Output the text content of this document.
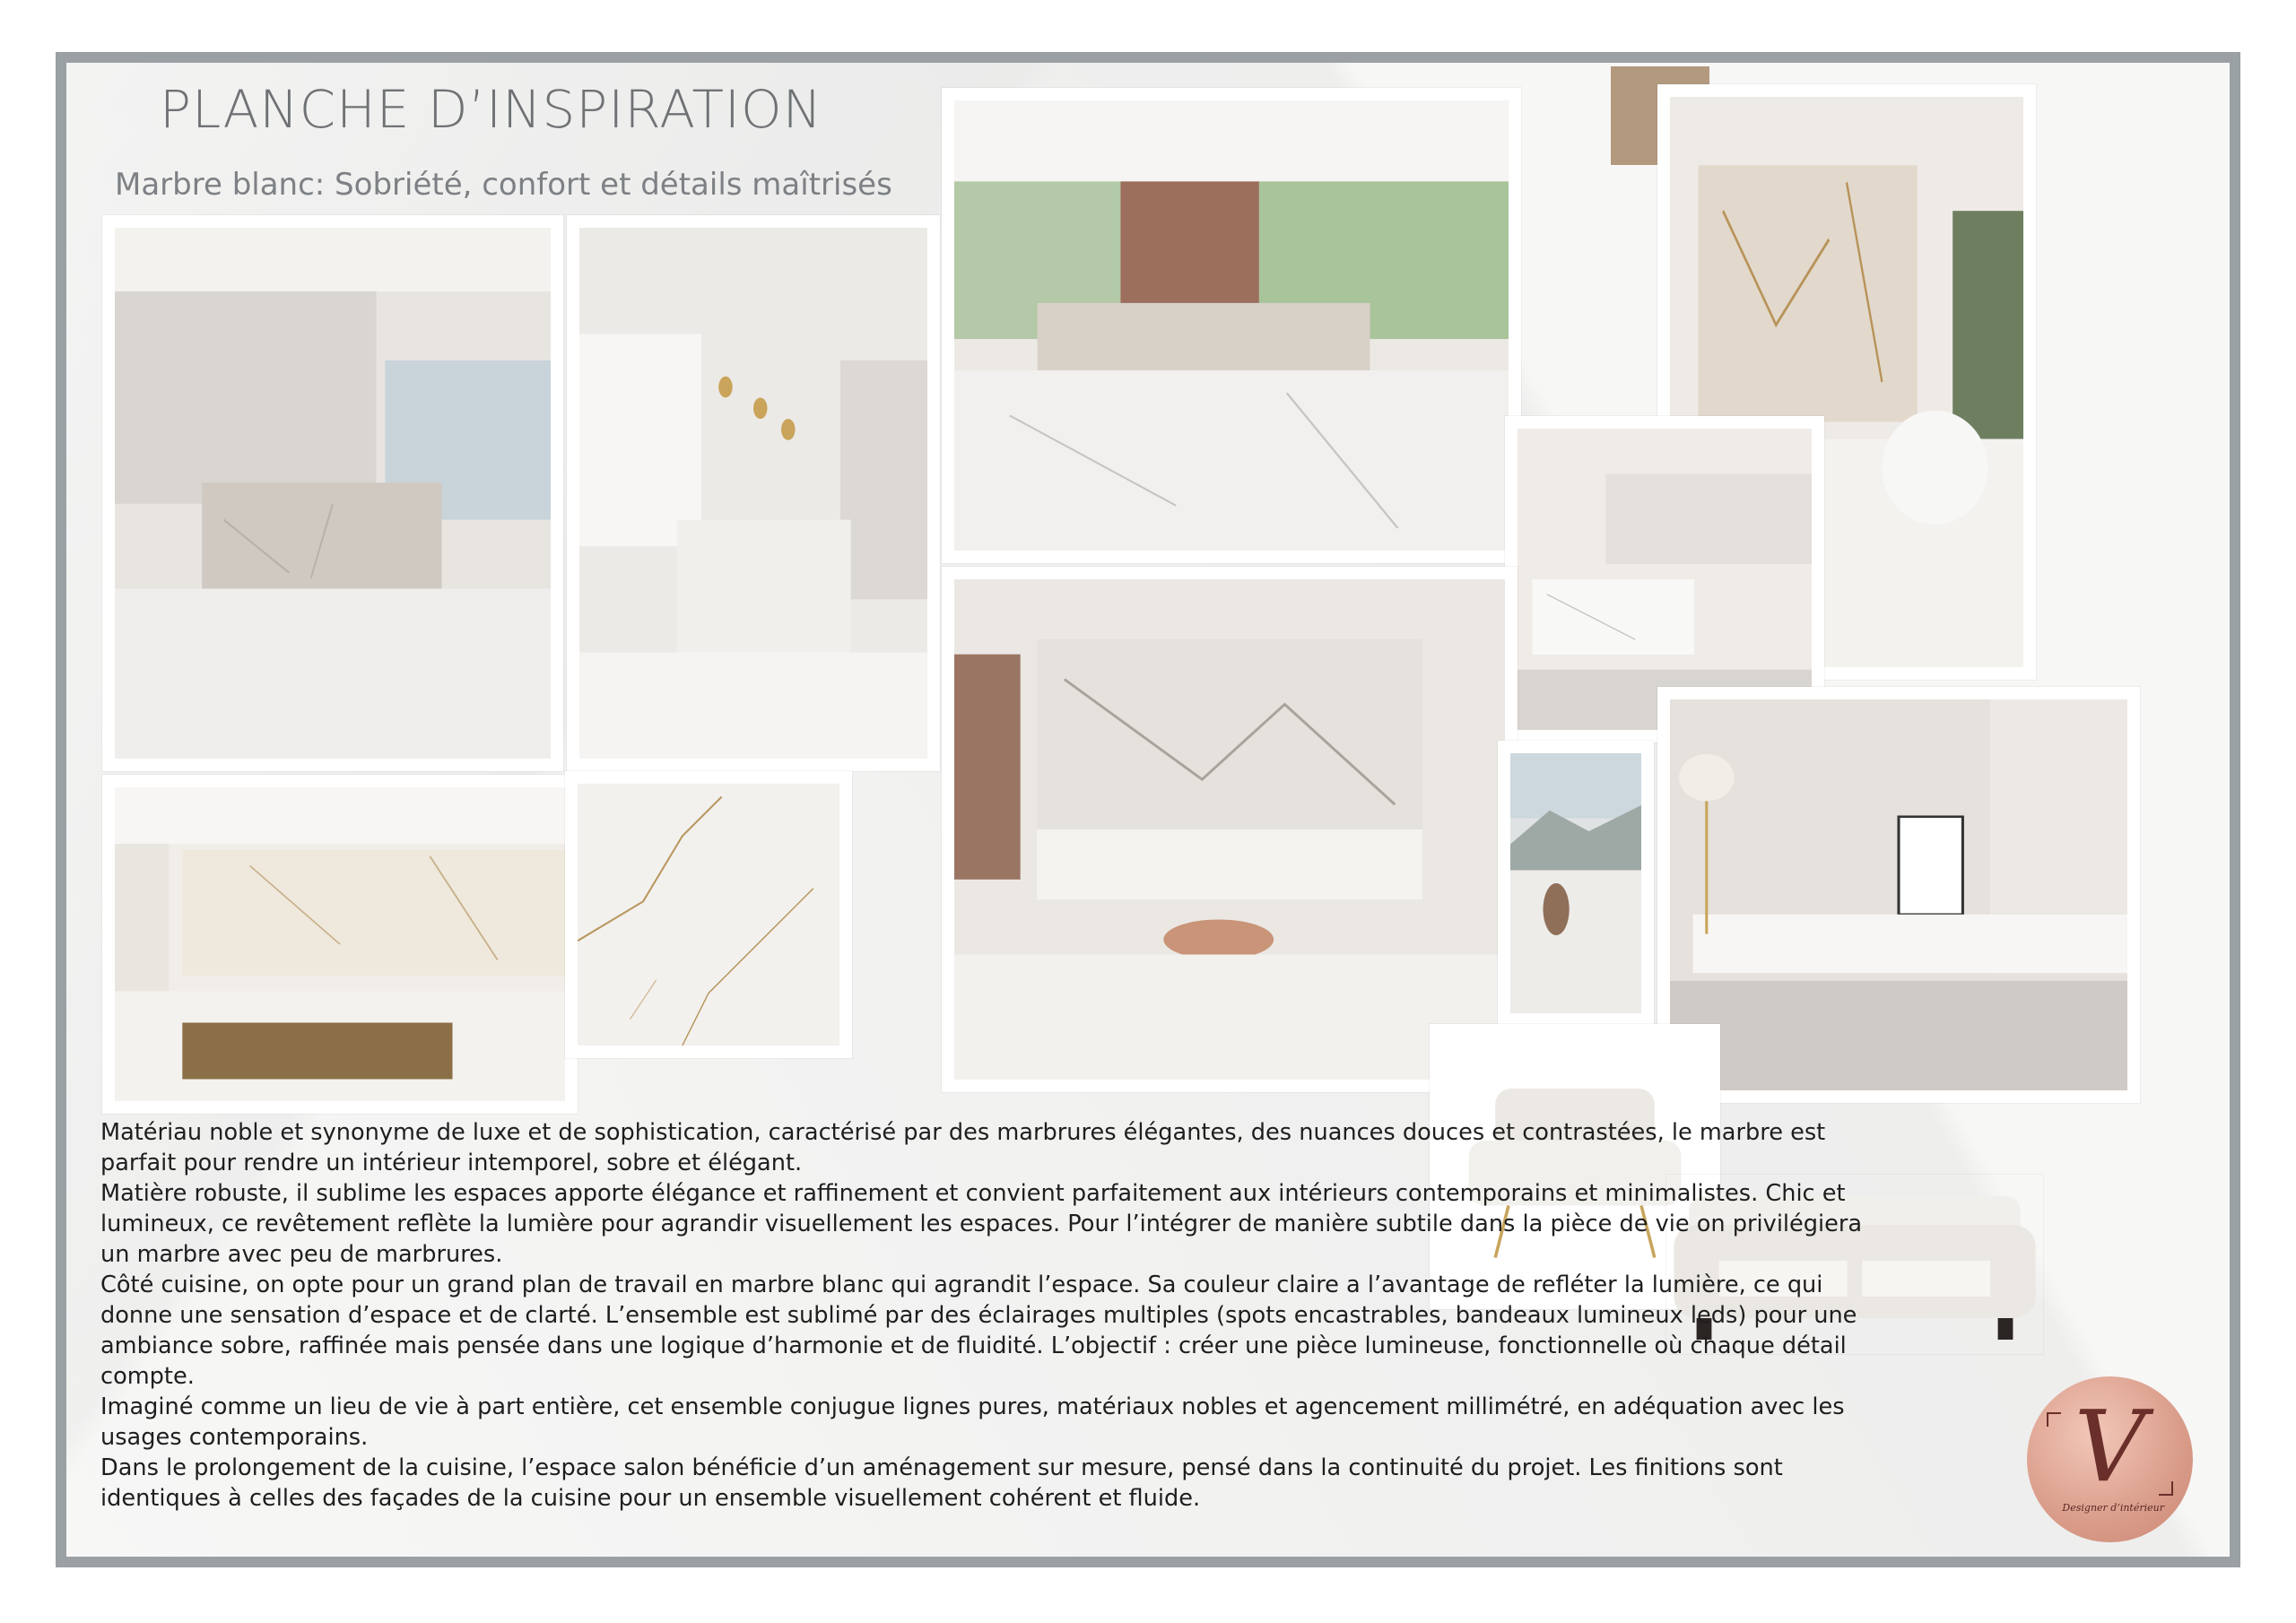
PLANCHE D’INSPIRATION
Marbre blanc: Sobriété, confort et détails maîtrisés

Matériau noble et synonyme de luxe et de sophistication, caractérisé par des marbrures élégantes, des nuances douces et contrastées, le marbre est parfait pour rendre un intérieur intemporel, sobre et élégant.

Matière robuste, il sublime les espaces apporte élégance et raffinement et convient parfaitement aux intérieurs contemporains et minimalistes. Chic et lumineux, ce revêtement reflète la lumière pour agrandir visuellement les espaces. Pour l’intégrer de manière subtile dans la pièce de vie on privilégiera un marbre avec peu de marbrures.

Côté cuisine, on opte pour un grand plan de travail en marbre blanc qui agrandit l’espace. Sa couleur claire a l’avantage de refléter la lumière, ce qui donne une sensation d’espace et de clarté. L’ensemble est sublimé par des éclairages multiples (spots encastrables, bandeaux lumineux leds) pour une ambiance sobre, raffinée mais pensée dans une logique d’harmonie et de fluidité. L’objectif : créer une pièce lumineuse, fonctionnelle où chaque détail compte.

Imaginé comme un lieu de vie à part entière, cet ensemble conjugue lignes pures, matériaux nobles et agencement millimétré, en adéquation avec les usages contemporains.

Dans le prolongement de la cuisine, l’espace salon bénéficie d’un aménagement sur mesure, pensé dans la continuité du projet. Les finitions sont identiques à celles des façades de la cuisine pour un ensemble visuellement cohérent et fluide.	V
Designer d’intérieur
